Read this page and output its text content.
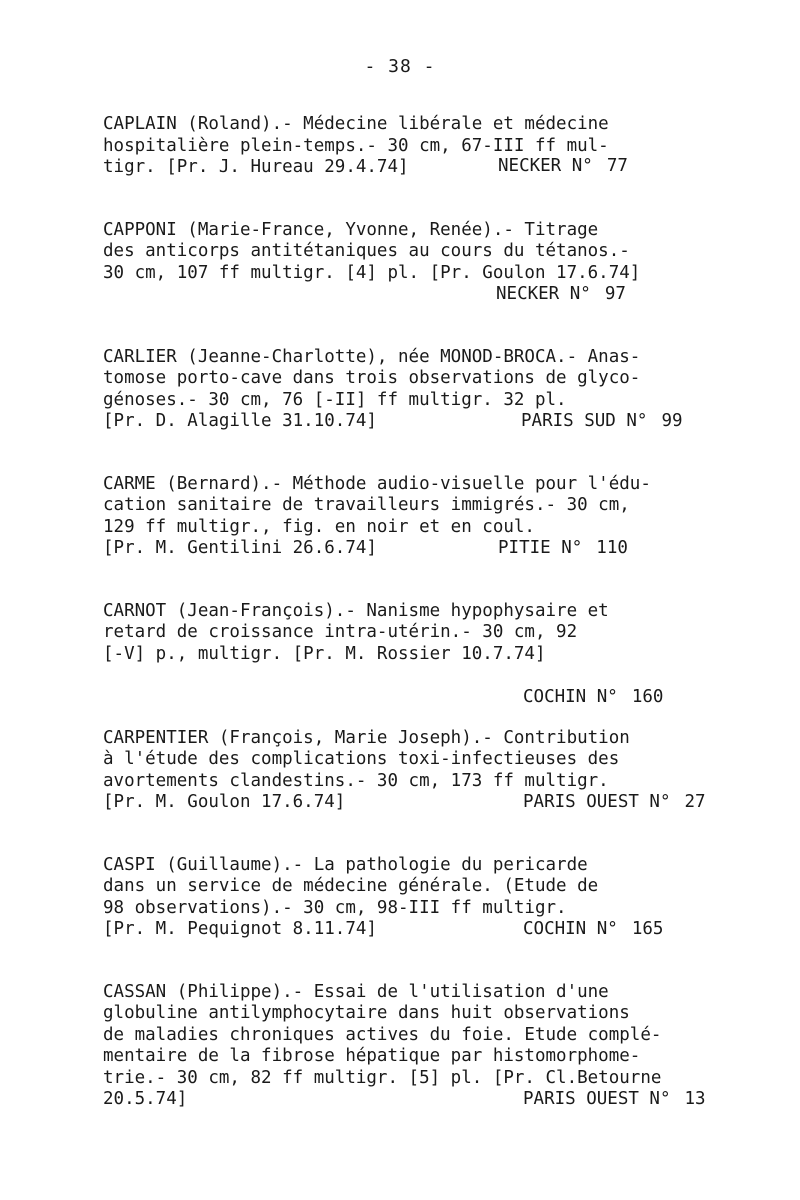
- 38 -
CAPLAIN (Roland).- Médecine libérale et médecine
hospitalière plein-temps.- 30 cm, 67-III ff mul-
tigr. [Pr. J. Hureau 29.4.74]	NECKER N° 77
CAPPONI (Marie-France, Yvonne, Renée).- Titrage
des anticorps antitétaniques au cours du tétanos.-
30 cm, 107 ff multigr. [4] pl. [Pr. Goulon 17.6.74]
NECKER N° 97
CARLIER (Jeanne-Charlotte), née MONOD-BROCA.- Anas-
tomose porto-cave dans trois observations de glyco-
génoses.- 30 cm, 76 [-II] ff multigr. 32 pl.
[Pr. D. Alagille 31.10.74]	PARIS SUD N° 99
CARME (Bernard).- Méthode audio-visuelle pour l'édu-
cation sanitaire de travailleurs immigrés.- 30 cm,
129 ff multigr., fig. en noir et en coul.
[Pr. M. Gentilini 26.6.74]	PITIE N° 110
CARNOT (Jean-François).- Nanisme hypophysaire et
retard de croissance intra-utérin.- 30 cm, 92
[-V] p., multigr. [Pr. M. Rossier 10.7.74]
COCHIN N° 160
CARPENTIER (François, Marie Joseph).- Contribution
à l'étude des complications toxi-infectieuses des
avortements clandestins.- 30 cm, 173 ff multigr.
[Pr. M. Goulon 17.6.74]	PARIS OUEST N° 27
CASPI (Guillaume).- La pathologie du pericarde
dans un service de médecine générale. (Etude de
98 observations).- 30 cm, 98-III ff multigr.
[Pr. M. Pequignot 8.11.74]	COCHIN N° 165
CASSAN (Philippe).- Essai de l'utilisation d'une
globuline antilymphocytaire dans huit observations
de maladies chroniques actives du foie. Etude complé-
mentaire de la fibrose hépatique par histomorphome-
trie.- 30 cm, 82 ff multigr. [5] pl. [Pr. Cl.Betourne
20.5.74]	PARIS OUEST N° 13
